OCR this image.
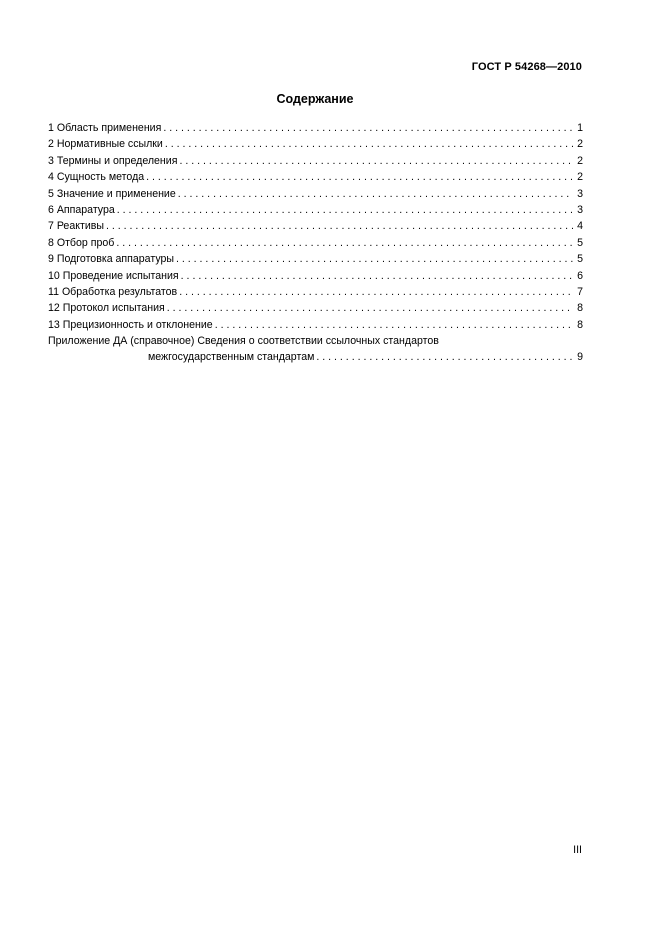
ГОСТ Р 54268—2010
Содержание
1 Область применения . . .	1
2 Нормативные ссылки . . .	2
3 Термины и определения . . .	2
4 Сущность метода . . .	2
5 Значение и применение . . .	3
6 Аппаратура . . .	3
7 Реактивы . . .	4
8 Отбор проб . . .	5
9 Подготовка аппаратуры . . .	5
10 Проведение испытания . . .	6
11 Обработка результатов . . .	7
12 Протокол испытания . . .	8
13 Прецизионность и отклонение . . .	8
Приложение ДА (справочное) Сведения о соответствии ссылочных стандартов
межгосударственным стандартам . . .	9
III
